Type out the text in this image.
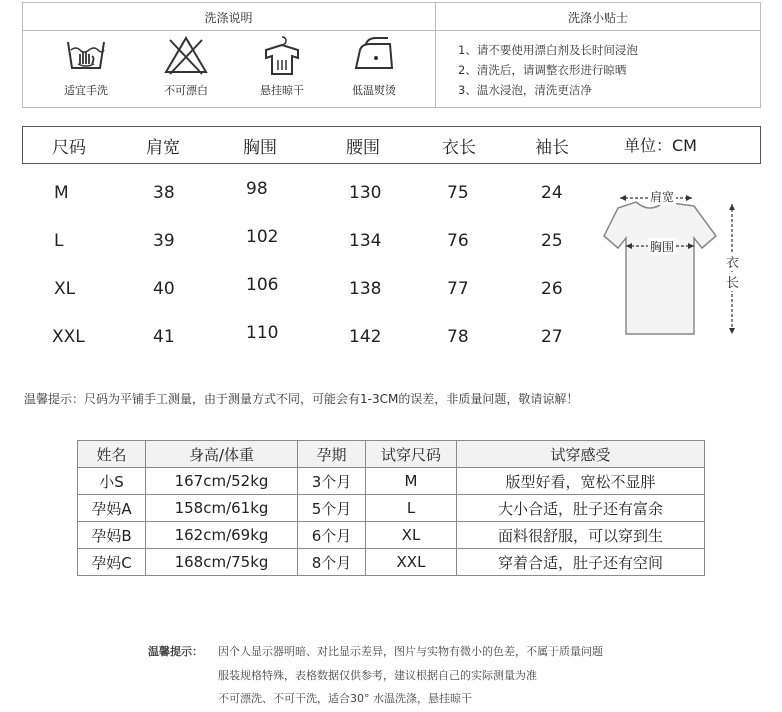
洗涤说明	洗涤小贴士
适宜手洗	不可漂白	悬挂晾干	低温熨烫
1、请不要使用漂白剂及长时间浸泡
2、清洗后，请调整衣形进行晾晒
3、温水浸泡，清洗更洁净
尺码	肩宽	胸围	腰围	衣长	袖长	单位：CM
M	38	98	130	75	24
L	39	102	134	76	25
XL	40	106	138	77	26
XXL	41	110	142	78	27
肩宽
胸围
衣
长
温馨提示：尺码为平铺手工测量，由于测量方式不同，可能会有1-3CM的误差，非质量问题，敬请谅解！
姓名	身高/体重	孕期	试穿尺码	试穿感受
小S	167cm/52kg	3个月	M	版型好看，宽松不显胖
孕妈A	158cm/61kg	5个月	L	大小合适，肚子还有富余
孕妈B	162cm/69kg	6个月	XL	面料很舒服，可以穿到生
孕妈C	168cm/75kg	8个月	XXL	穿着合适，肚子还有空间
温馨提示： 因个人显示器明暗、对比显示差异，图片与实物有微小的色差，不属于质量问题
服装规格特殊，表格数据仅供参考，建议根据自己的实际测量为准
不可漂洗、不可干洗，适合30° 水温洗涤，悬挂晾干
